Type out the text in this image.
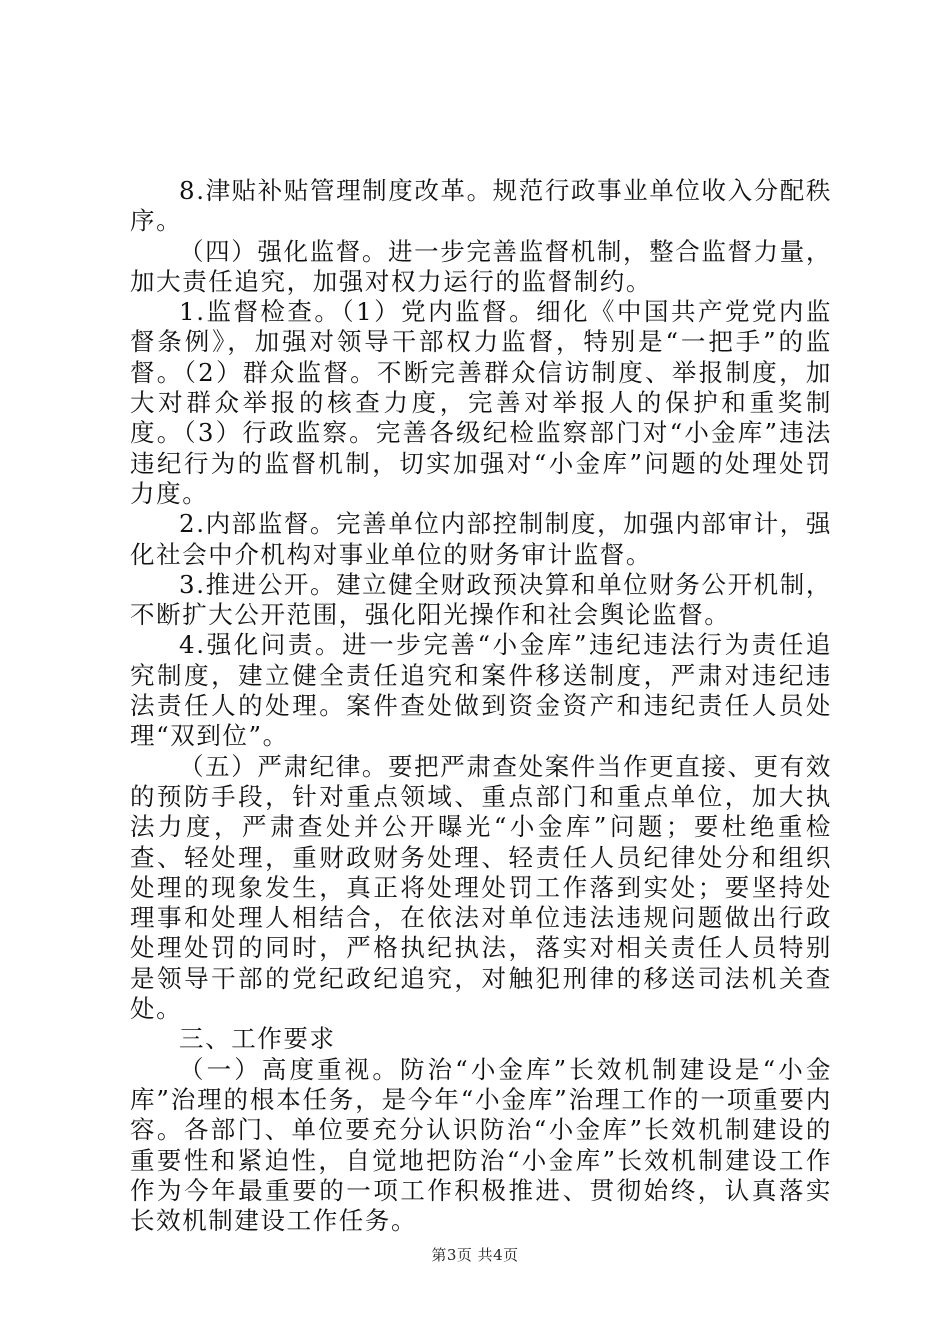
8.津贴补贴管理制度改革。规范行政事业单位收入分配秩序。

（四）强化监督。进一步完善监督机制，整合监督力量，加大责任追究，加强对权力运行的监督制约。

1.监督检查。（1）党内监督。细化《中国共产党党内监督条例》，加强对领导干部权力监督，特别是“一把手”的监督。（2）群众监督。不断完善群众信访制度、举报制度，加大对群众举报的核查力度，完善对举报人的保护和重奖制度。（3）行政监察。完善各级纪检监察部门对“小金库”违法违纪行为的监督机制，切实加强对“小金库”问题的处理处罚力度。

2.内部监督。完善单位内部控制制度，加强内部审计，强化社会中介机构对事业单位的财务审计监督。

3.推进公开。建立健全财政预决算和单位财务公开机制，不断扩大公开范围，强化阳光操作和社会舆论监督。

4.强化问责。进一步完善“小金库”违纪违法行为责任追究制度，建立健全责任追究和案件移送制度，严肃对违纪违法责任人的处理。案件查处做到资金资产和违纪责任人员处理“双到位”。

（五）严肃纪律。要把严肃查处案件当作更直接、更有效的预防手段，针对重点领域、重点部门和重点单位，加大执法力度，严肃查处并公开曝光“小金库”问题；要杜绝重检查、轻处理，重财政财务处理、轻责任人员纪律处分和组织处理的现象发生，真正将处理处罚工作落到实处；要坚持处理事和处理人相结合，在依法对单位违法违规问题做出行政处理处罚的同时，严格执纪执法，落实对相关责任人员特别是领导干部的党纪政纪追究，对触犯刑律的移送司法机关查处。

三、工作要求

（一）高度重视。防治“小金库”长效机制建设是“小金库”治理的根本任务，是今年“小金库”治理工作的一项重要内容。各部门、单位要充分认识防治“小金库”长效机制建设的重要性和紧迫性，自觉地把防治“小金库”长效机制建设工作作为今年最重要的一项工作积极推进、贯彻始终，认真落实长效机制建设工作任务。

第3页 共4页
